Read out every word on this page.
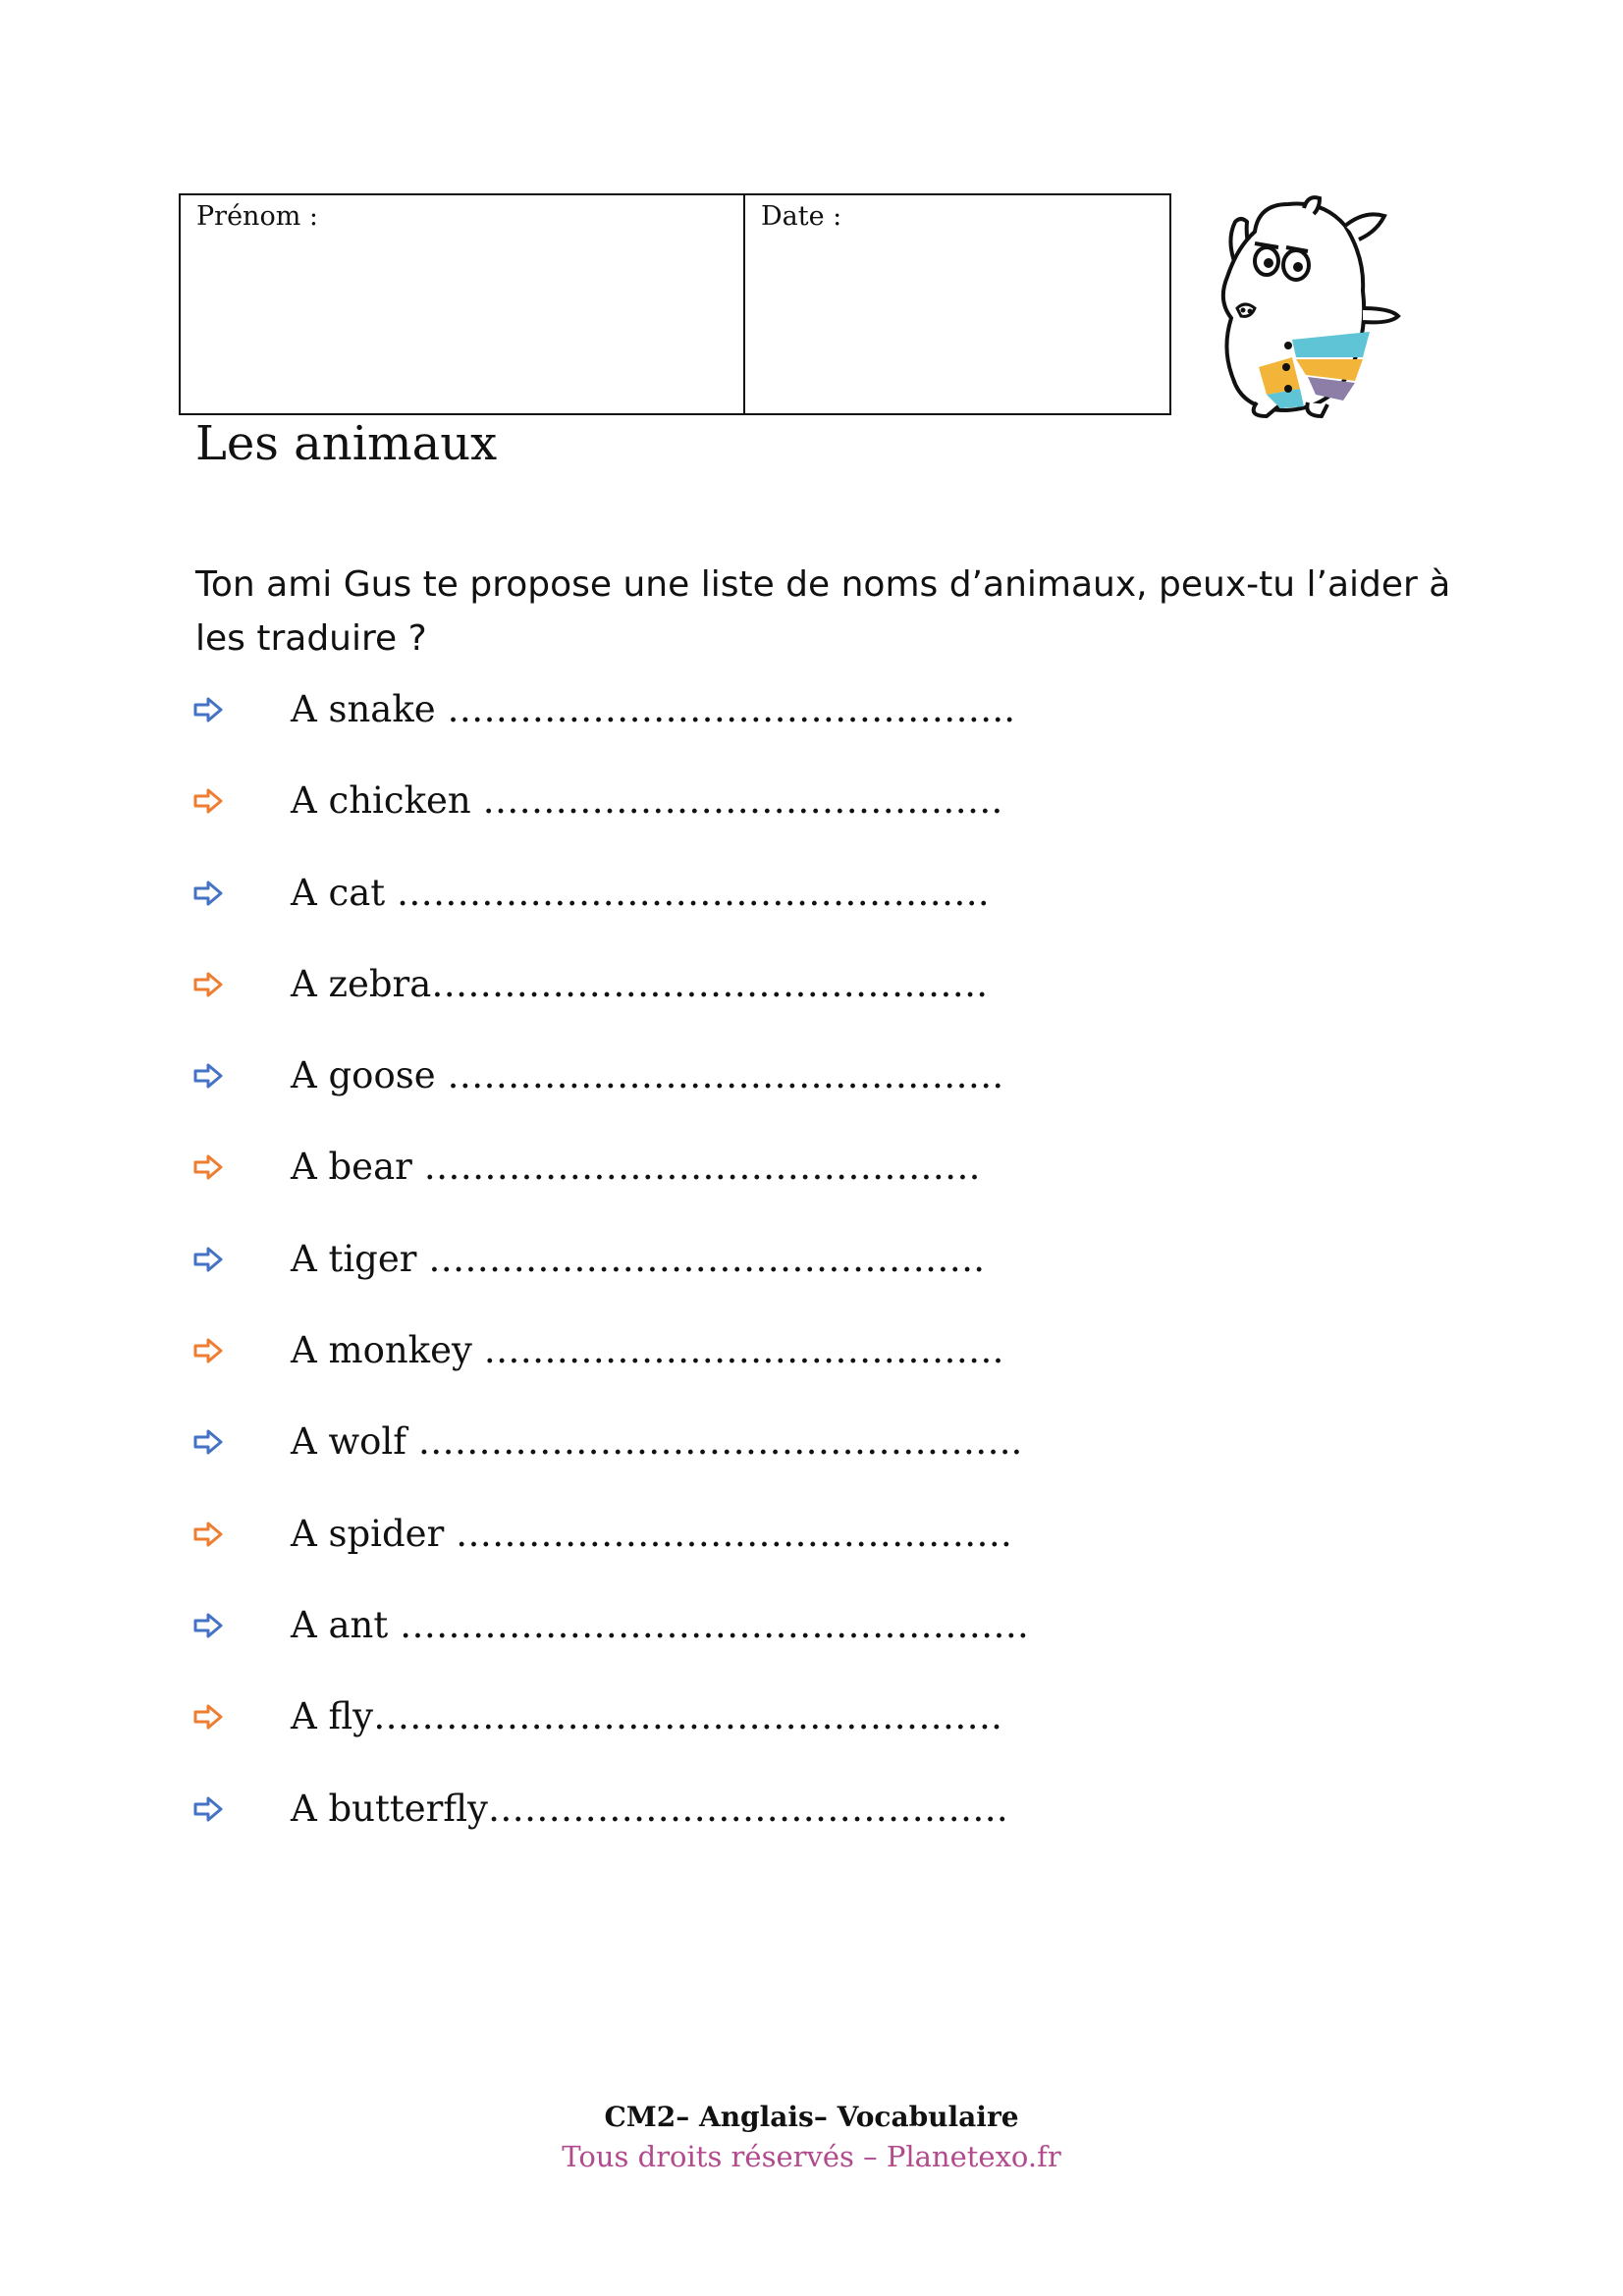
Prénom :	Date :
Les animaux
Ton ami Gus te propose une liste de noms d’animaux, peux-tu l’aider à les traduire ?
A snake ………………………………………..
A chicken …………………………………….
A cat ………………………………………….
A zebra……………………………………….
A goose ……………………………………….
A bear ……………………………………….
A tiger ……………………………………….
A monkey …………………………………….
A wolf …………………………………………..
A spider ……………………………………….
A ant …………………………………………….
A fly…………………………………………….
A butterfly…………………………………….
CM2– Anglais– Vocabulaire
Tous droits réservés – Planetexo.fr
